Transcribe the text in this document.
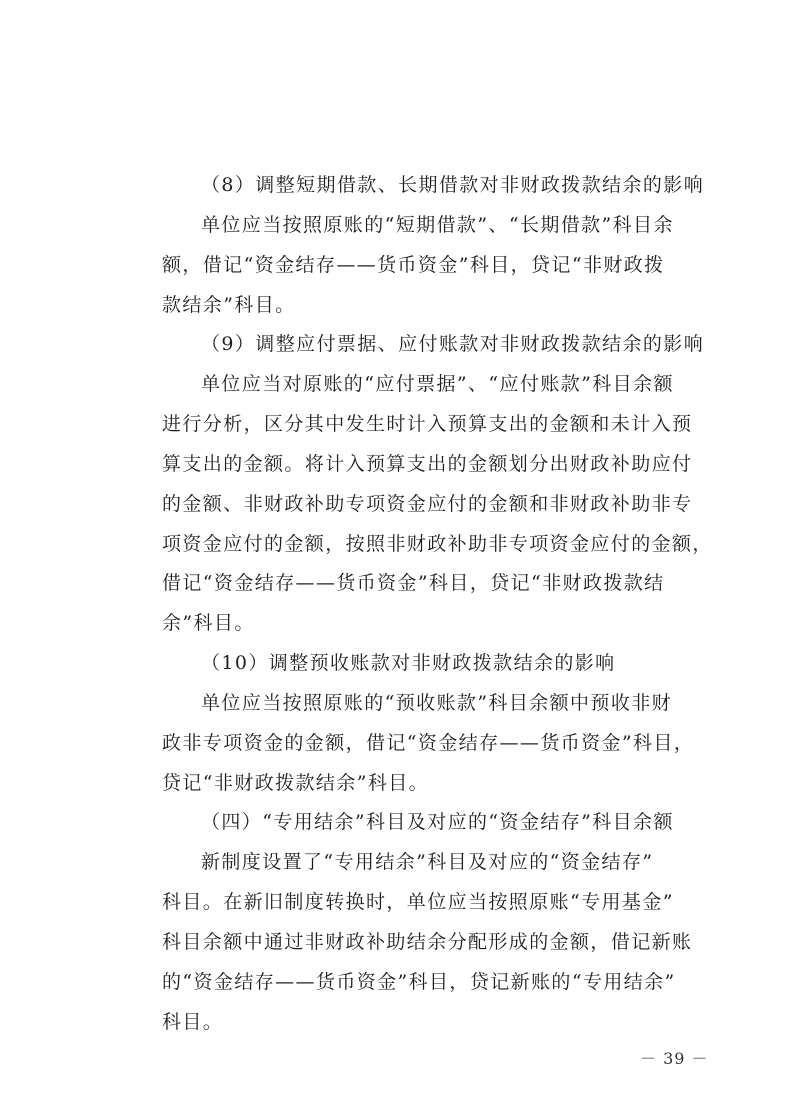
（8）调整短期借款、长期借款对非财政拨款结余的影响
单位应当按照原账的“短期借款”、“长期借款”科目余
额，借记“资金结存——货币资金”科目，贷记“非财政拨
款结余”科目。
（9）调整应付票据、应付账款对非财政拨款结余的影响
单位应当对原账的“应付票据”、“应付账款”科目余额
进行分析，区分其中发生时计入预算支出的金额和未计入预
算支出的金额。将计入预算支出的金额划分出财政补助应付
的金额、非财政补助专项资金应付的金额和非财政补助非专
项资金应付的金额，按照非财政补助非专项资金应付的金额，
借记“资金结存——货币资金”科目，贷记“非财政拨款结
余”科目。
（10）调整预收账款对非财政拨款结余的影响
单位应当按照原账的“预收账款”科目余额中预收非财
政非专项资金的金额，借记“资金结存——货币资金”科目，
贷记“非财政拨款结余”科目。
（四）“专用结余”科目及对应的“资金结存”科目余额
新制度设置了“专用结余”科目及对应的“资金结存”
科目。在新旧制度转换时，单位应当按照原账“专用基金”
科目余额中通过非财政补助结余分配形成的金额，借记新账
的“资金结存——货币资金”科目，贷记新账的“专用结余”
科目。
－ 39 －
